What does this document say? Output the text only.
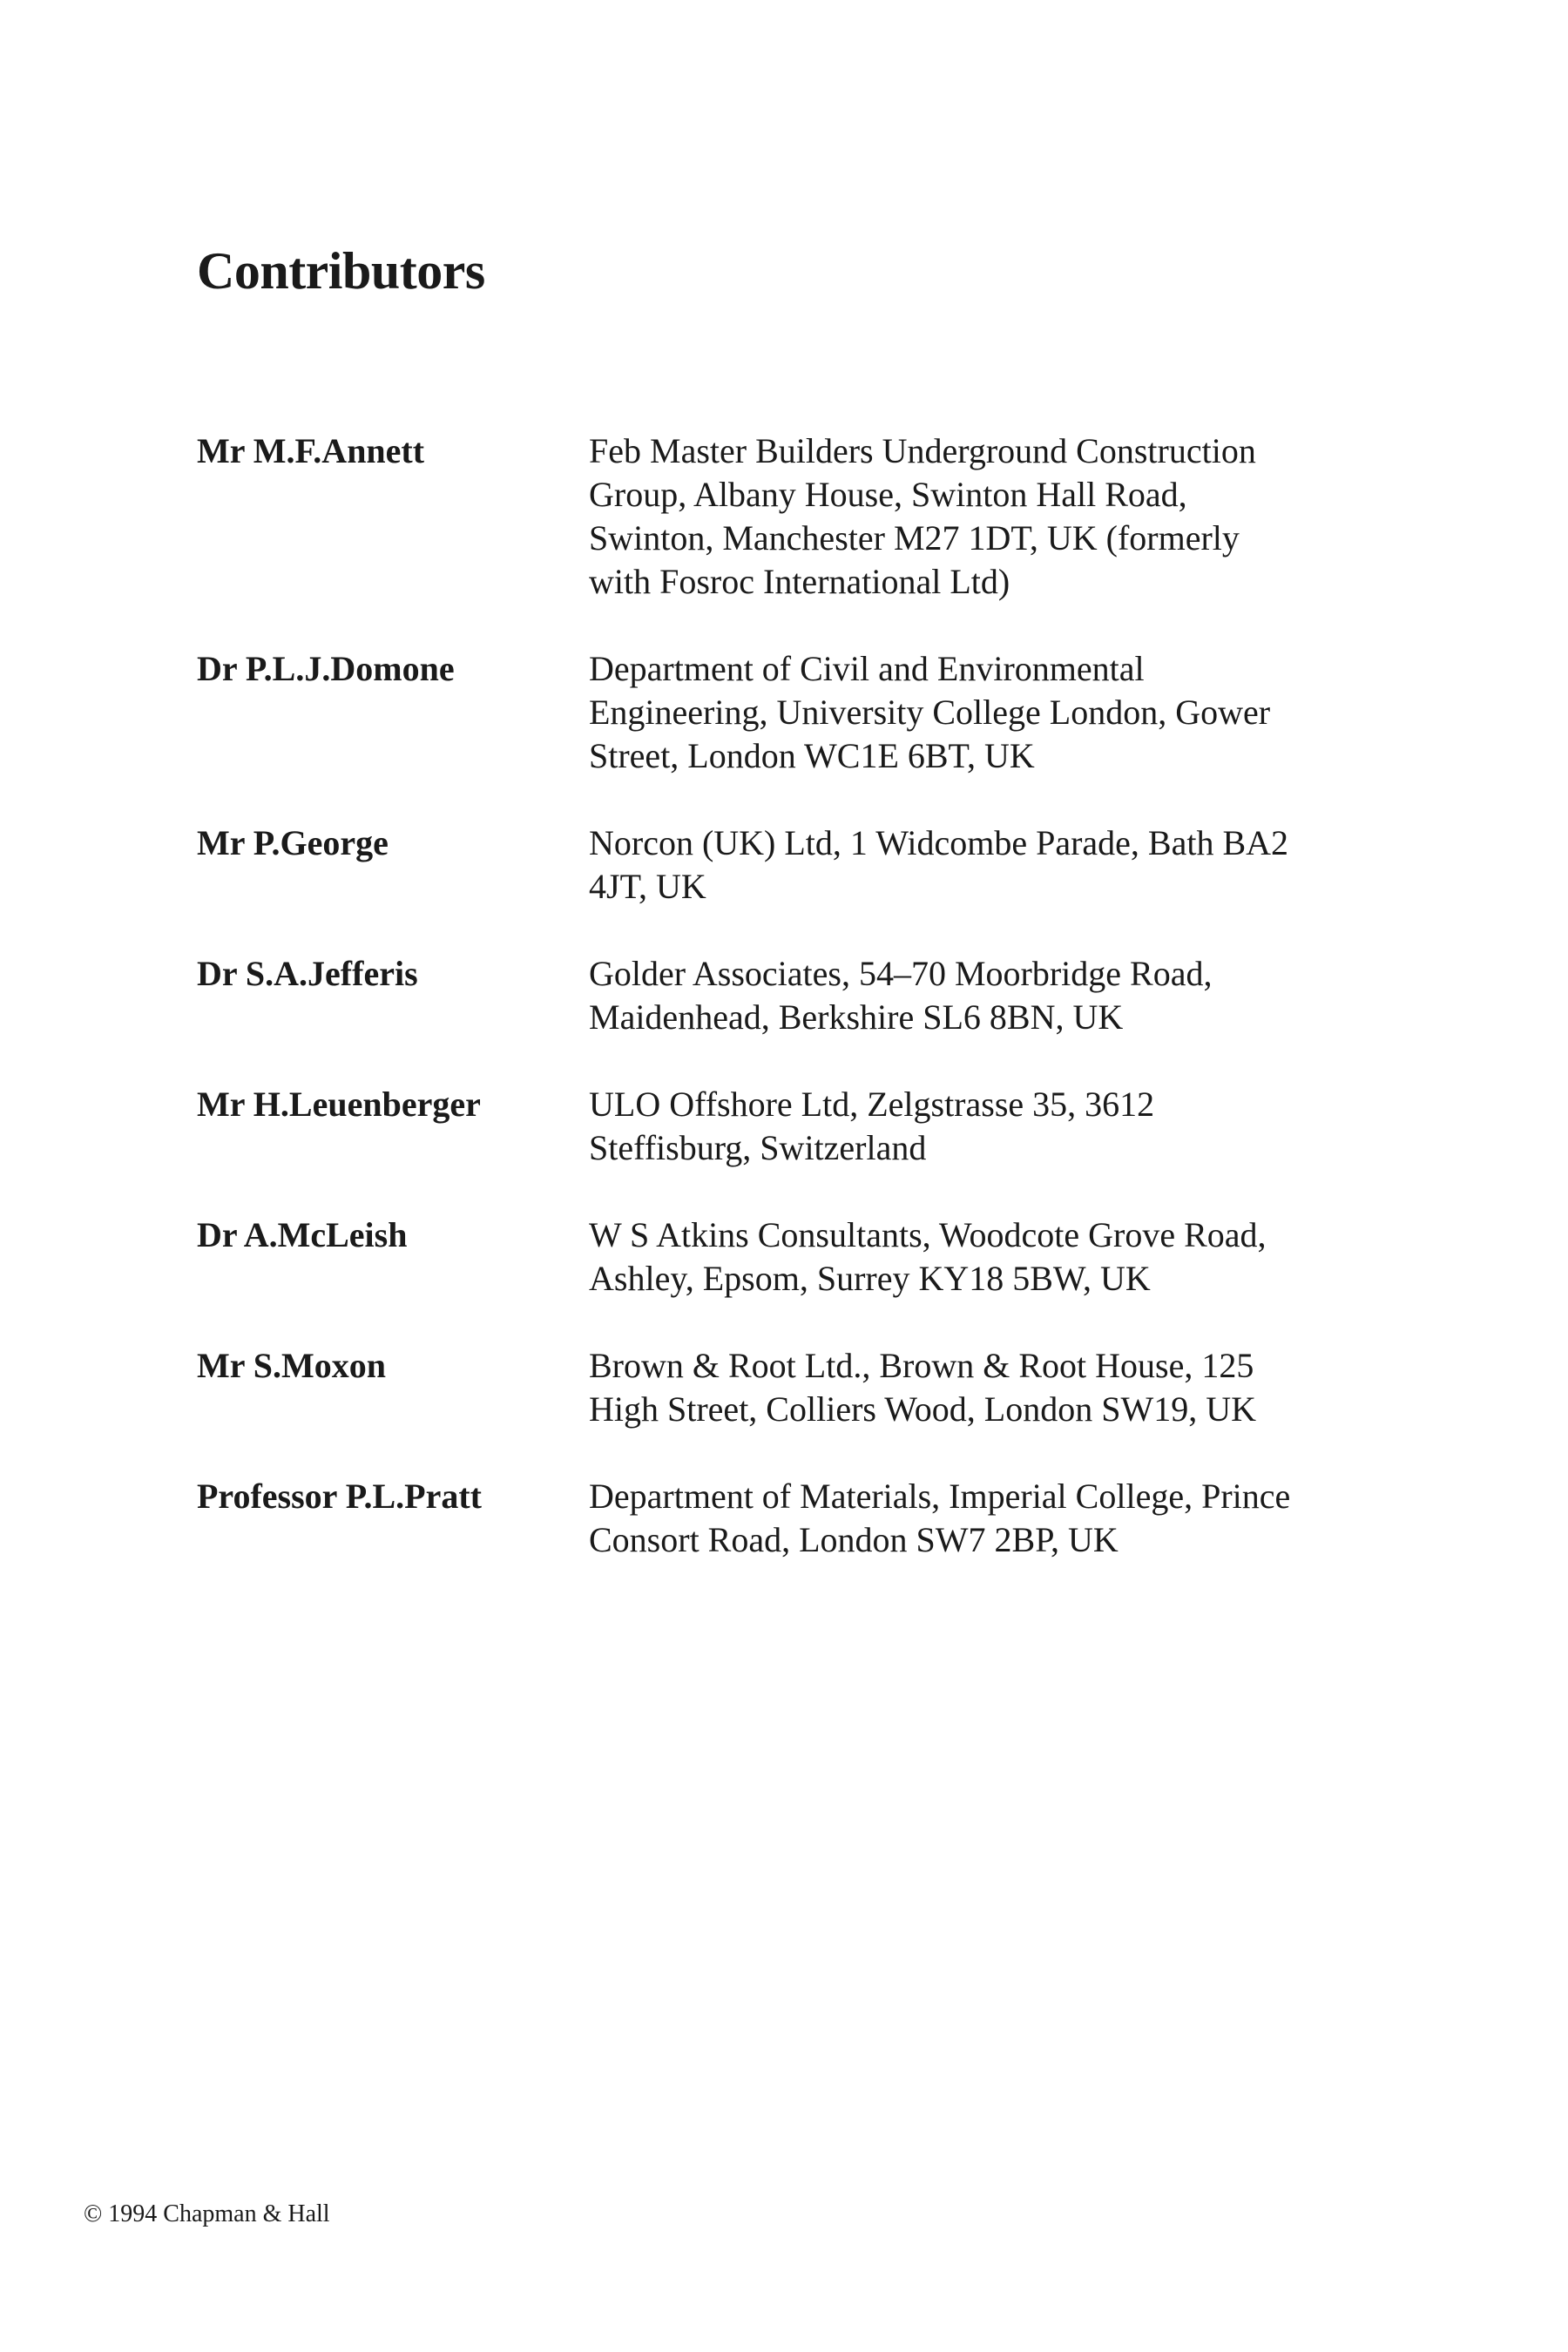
Contributors
Mr M.F.Annett	Feb Master Builders Underground Construction
Group, Albany House, Swinton Hall Road,
Swinton, Manchester M27 1DT, UK (formerly
with Fosroc International Ltd)
Dr P.L.J.Domone	Department of Civil and Environmental
Engineering, University College London, Gower
Street, London WC1E 6BT, UK
Mr P.George	Norcon (UK) Ltd, 1 Widcombe Parade, Bath BA2
4JT, UK
Dr S.A.Jefferis	Golder Associates, 54–70 Moorbridge Road,
Maidenhead, Berkshire SL6 8BN, UK
Mr H.Leuenberger	ULO Offshore Ltd, Zelgstrasse 35, 3612
Steffisburg, Switzerland
Dr A.McLeish	W S Atkins Consultants, Woodcote Grove Road,
Ashley, Epsom, Surrey KY18 5BW, UK
Mr S.Moxon	Brown & Root Ltd., Brown & Root House, 125
High Street, Colliers Wood, London SW19, UK
Professor P.L.Pratt	Department of Materials, Imperial College, Prince
Consort Road, London SW7 2BP, UK
© 1994 Chapman & Hall
